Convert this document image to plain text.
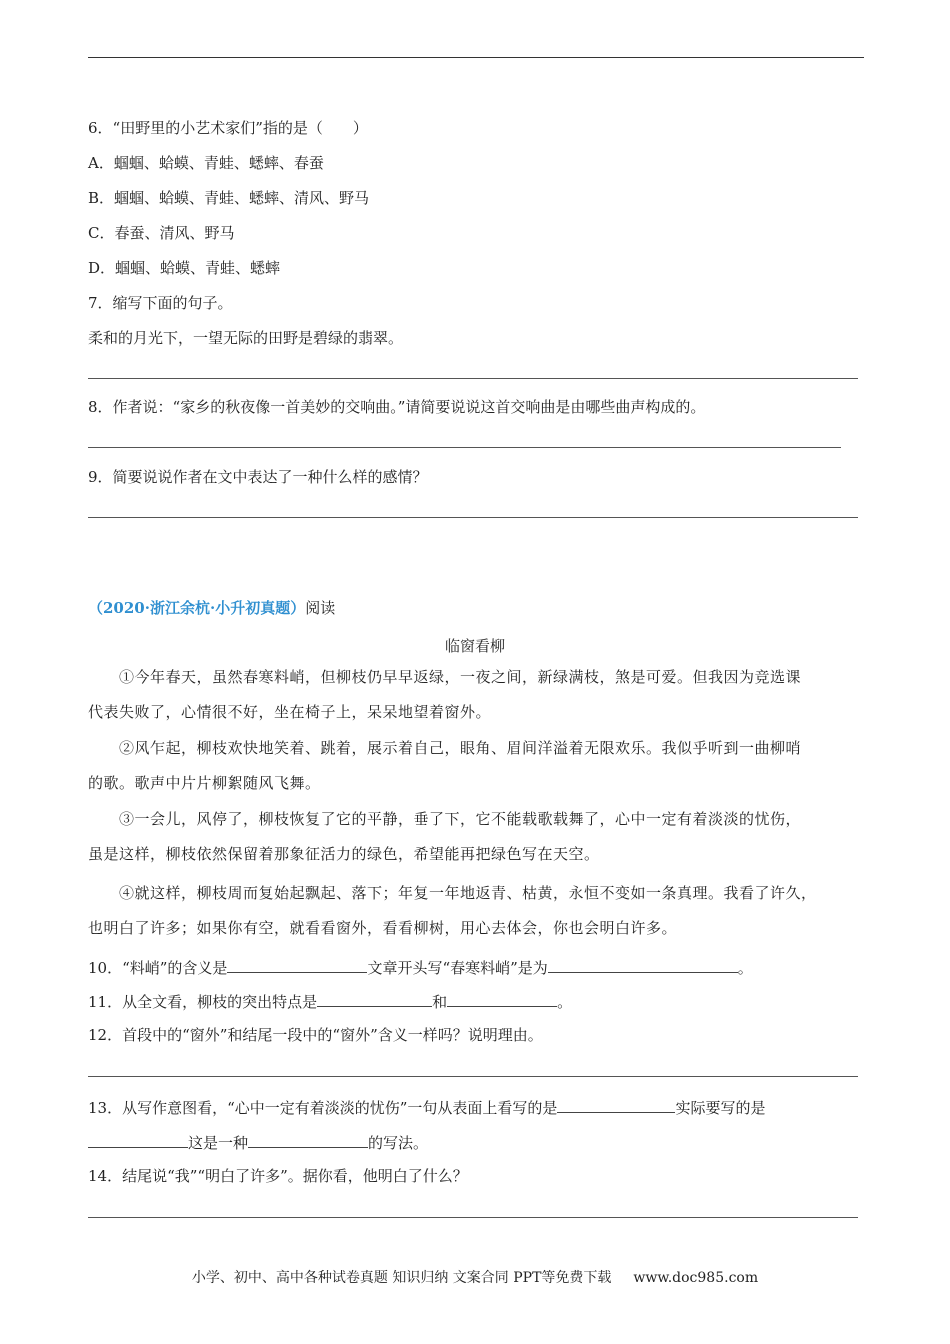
6．“田野里的小艺术家们”指的是（　　）
A．蝈蝈、蛤蟆、青蛙、蟋蟀、春蚕
B．蝈蝈、蛤蟆、青蛙、蟋蟀、清风、野马
C．春蚕、清风、野马
D．蝈蝈、蛤蟆、青蛙、蟋蟀
7．缩写下面的句子。
柔和的月光下，一望无际的田野是碧绿的翡翠。
8．作者说：“家乡的秋夜像一首美妙的交响曲。”请简要说说这首交响曲是由哪些曲声构成的。
9．简要说说作者在文中表达了一种什么样的感情？
（2020·浙江余杭·小升初真题）阅读
临窗看柳
①今年春天，虽然春寒料峭，但柳枝仍早早返绿，一夜之间，新绿满枝，煞是可爱。但我因为竞选课
代表失败了，心情很不好，坐在椅子上，呆呆地望着窗外。
②风乍起，柳枝欢快地笑着、跳着，展示着自己，眼角、眉间洋溢着无限欢乐。我似乎听到一曲柳哨
的歌。歌声中片片柳絮随风飞舞。
③一会儿，风停了，柳枝恢复了它的平静，垂了下，它不能载歌载舞了，心中一定有着淡淡的忧伤，
虽是这样，柳枝依然保留着那象征活力的绿色，希望能再把绿色写在天空。
④就这样，柳枝周而复始起飘起、落下；年复一年地返青、枯黄，永恒不变如一条真理。我看了许久，
也明白了许多；如果你有空，就看看窗外，看看柳树，用心去体会，你也会明白许多。
10．“料峭”的含义是	文章开头写“春寒料峭”是为	。
11．从全文看，柳枝的突出特点是	和	。
12．首段中的“窗外”和结尾一段中的“窗外”含义一样吗？说明理由。
13．从写作意图看，“心中一定有着淡淡的忧伤”一句从表面上看写的是	实际要写的是
这是一种	的写法。
14．结尾说“我”“明白了许多”。据你看，他明白了什么？
小学、初中、高中各种试卷真题 知识归纳 文案合同 PPT等免费下载 www.doc985.com
